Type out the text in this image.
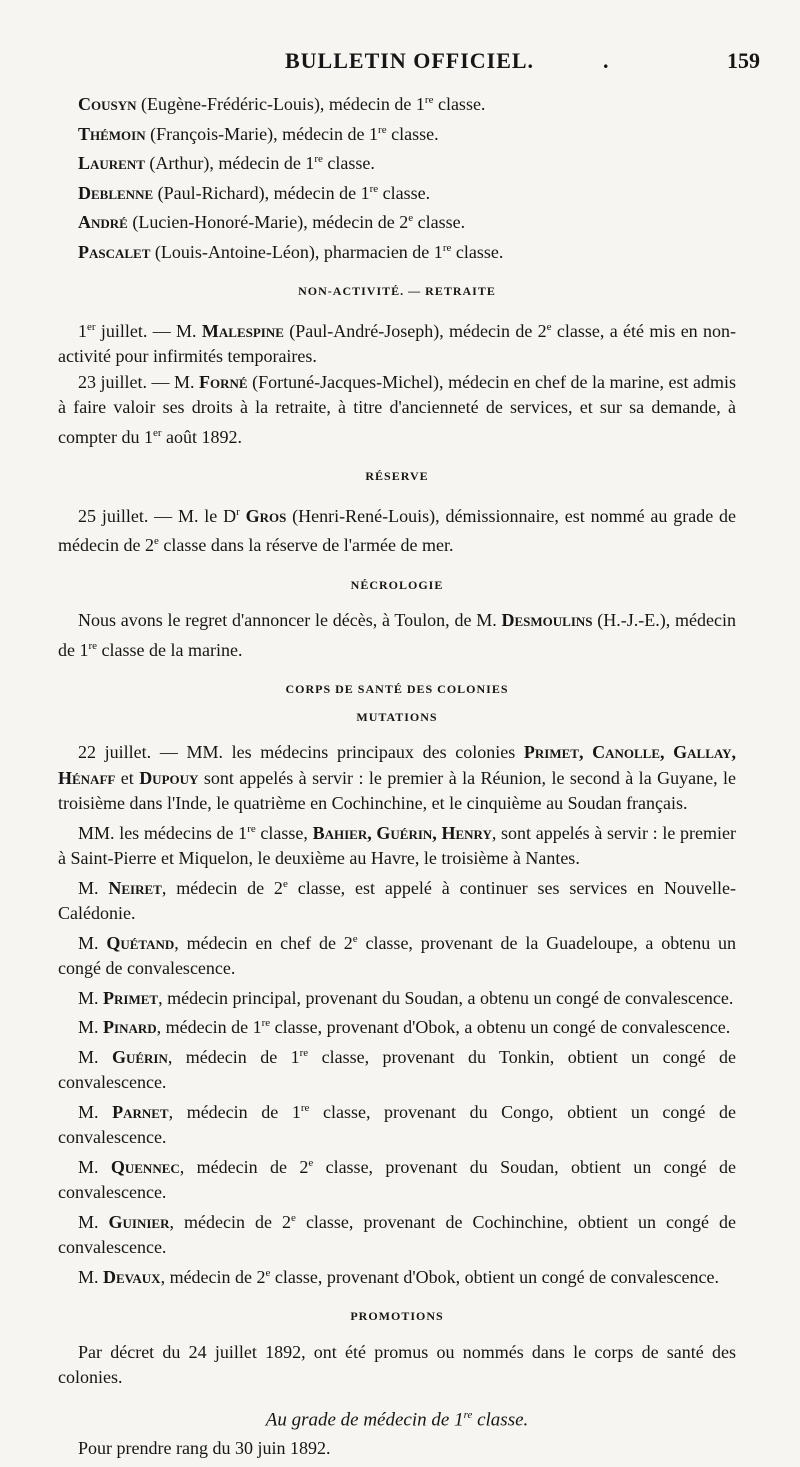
BULLETIN OFFICIEL.	.	159

Cousyn (Eugène-Frédéric-Louis), médecin de 1re classe.

Thémoin (François-Marie), médecin de 1re classe.

Laurent (Arthur), médecin de 1re classe.

Deblenne (Paul-Richard), médecin de 1re classe.

André (Lucien-Honoré-Marie), médecin de 2e classe.

Pascalet (Louis-Antoine-Léon), pharmacien de 1re classe.

NON-ACTIVITÉ. — RETRAITE

1er juillet. — M. Malespine (Paul-André-Joseph), médecin de 2e classe, a été mis en non-activité pour infirmités temporaires.

23 juillet. — M. Forné (Fortuné-Jacques-Michel), médecin en chef de la marine, est admis à faire valoir ses droits à la retraite, à titre d'ancienneté de services, et sur sa demande, à compter du 1er août 1892.

RÉSERVE

25 juillet. — M. le $D^r$ Gros (Henri-René-Louis), démissionnaire, est nommé au grade de médecin de 2e classe dans la réserve de l'armée de mer.

NÉCROLOGIE

Nous avons le regret d'annoncer le décès, à Toulon, de M. Desmoulins (H.-J.-E.), médecin de 1re classe de la marine.

CORPS DE SANTÉ DES COLONIES
MUTATIONS

22 juillet. — MM. les médecins principaux des colonies Primet, Canolle, Gallay, Hénaff et Dupouy sont appelés à servir : le premier à la Réunion, le second à la Guyane, le troisième dans l'Inde, le quatrième en Cochinchine, et le cinquième au Soudan français.

MM. les médecins de 1re classe, Bahier, Guérin, Henry, sont appelés à servir : le premier à Saint-Pierre et Miquelon, le deuxième au Havre, le troisième à Nantes.

M. Neiret, médecin de 2e classe, est appelé à continuer ses services en Nouvelle-Calédonie.

M. Quétand, médecin en chef de 2e classe, provenant de la Guadeloupe, a obtenu un congé de convalescence.

M. Primet, médecin principal, provenant du Soudan, a obtenu un congé de convalescence.

M. Pinard, médecin de 1re classe, provenant d'Obok, a obtenu un congé de convalescence.

M. Guérin, médecin de 1re classe, provenant du Tonkin, obtient un congé de convalescence.

M. Parnet, médecin de 1re classe, provenant du Congo, obtient un congé de convalescence.

M. Quennec, médecin de 2e classe, provenant du Soudan, obtient un congé de convalescence.

M. Guinier, médecin de 2e classe, provenant de Cochinchine, obtient un congé de convalescence.

M. Devaux, médecin de 2e classe, provenant d'Obok, obtient un congé de convalescence.

PROMOTIONS

Par décret du 24 juillet 1892, ont été promus ou nommés dans le corps de santé des colonies.

Au grade de médecin de 1re classe.

Pour prendre rang du 30 juin 1892.
